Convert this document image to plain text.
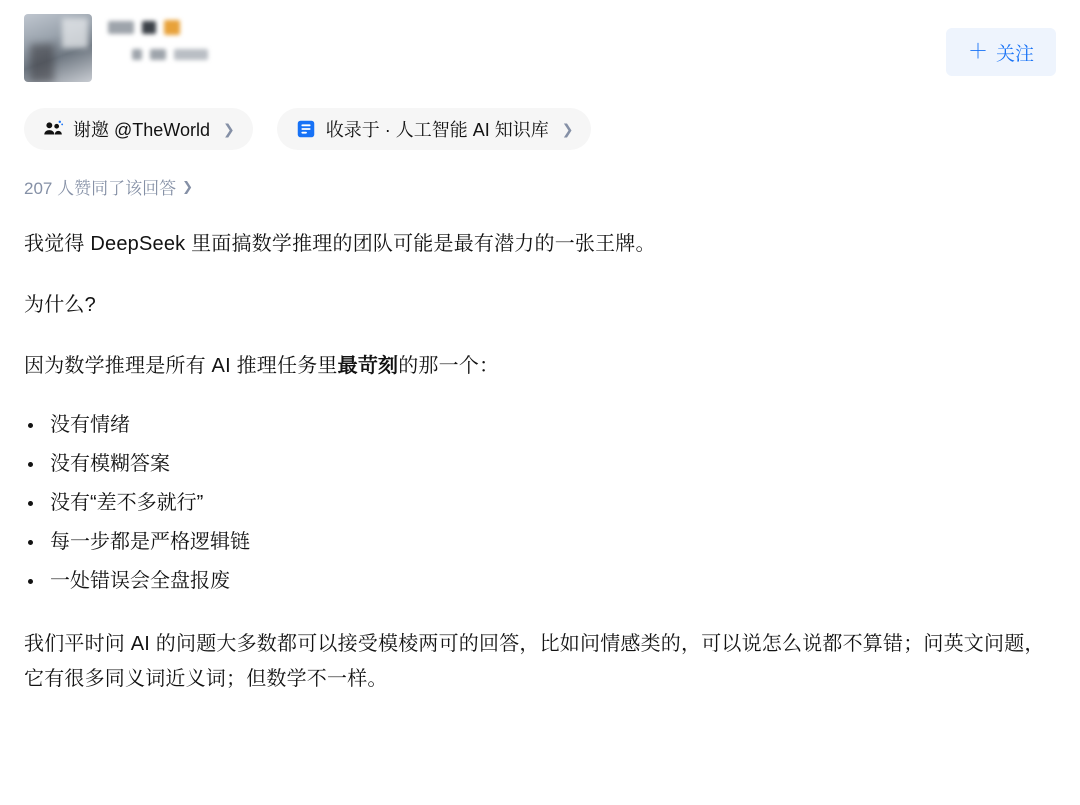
＋ 关注
谢邀 @TheWorld ❯	收录于 · 人工智能 AI 知识库 ❯
207 人赞同了该回答 ❯

我觉得 DeepSeek 里面搞数学推理的团队可能是最有潜力的一张王牌。

为什么?

因为数学推理是所有 AI 推理任务里最苛刻的那一个：

没有情绪
没有模糊答案
没有“差不多就行”
每一步都是严格逻辑链
一处错误会全盘报废

我们平时问 AI 的问题大多数都可以接受模棱两可的回答，比如问情感类的，可以说怎么说都不算错；问英文问题，它有很多同义词近义词；但数学不一样。
